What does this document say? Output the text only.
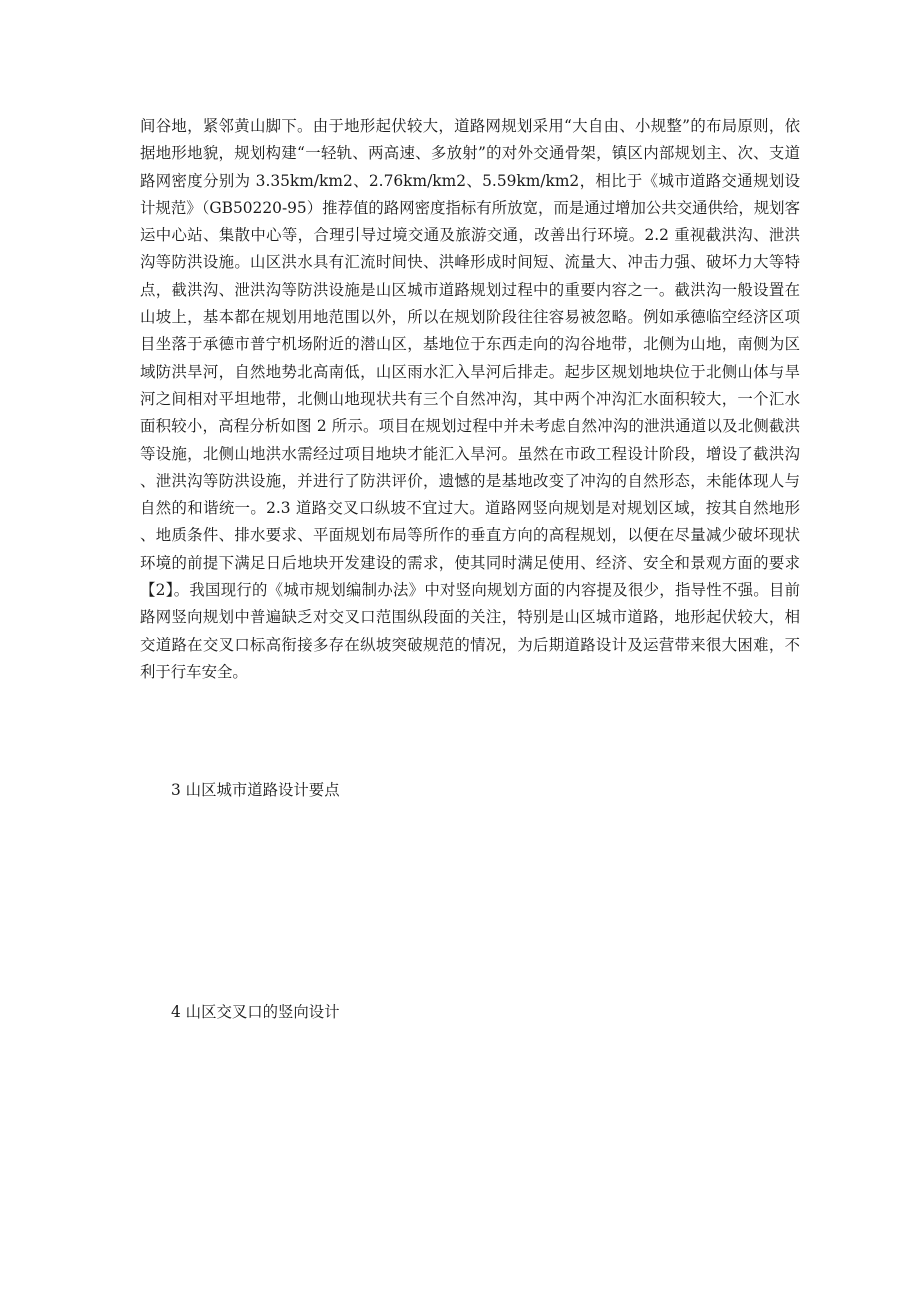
间谷地，紧邻黄山脚下。由于地形起伏较大，道路网规划采用“大自由、小规整”的布局原则，依据地形地貌，规划构建“一轻轨、两高速、多放射”的对外交通骨架，镇区内部规划主、次、支道路网密度分别为 3.35km/km2、2.76km/km2、5.59km/km2，相比于《城市道路交通规划设计规范》（GB50220-95）推荐值的路网密度指标有所放宽，而是通过增加公共交通供给，规划客运中心站、集散中心等，合理引导过境交通及旅游交通，改善出行环境。2.2 重视截洪沟、泄洪沟等防洪设施。山区洪水具有汇流时间快、洪峰形成时间短、流量大、冲击力强、破坏力大等特点，截洪沟、泄洪沟等防洪设施是山区城市道路规划过程中的重要内容之一。截洪沟一般设置在山坡上，基本都在规划用地范围以外，所以在规划阶段往往容易被忽略。例如承德临空经济区项目坐落于承德市普宁机场附近的潜山区，基地位于东西走向的沟谷地带，北侧为山地，南侧为区域防洪旱河，自然地势北高南低，山区雨水汇入旱河后排走。起步区规划地块位于北侧山体与旱河之间相对平坦地带，北侧山地现状共有三个自然冲沟，其中两个冲沟汇水面积较大，一个汇水面积较小，高程分析如图 2 所示。项目在规划过程中并未考虑自然冲沟的泄洪通道以及北侧截洪等设施，北侧山地洪水需经过项目地块才能汇入旱河。虽然在市政工程设计阶段，增设了截洪沟、泄洪沟等防洪设施，并进行了防洪评价，遗憾的是基地改变了冲沟的自然形态，未能体现人与自然的和谐统一。2.3 道路交叉口纵坡不宜过大。道路网竖向规划是对规划区域，按其自然地形、地质条件、排水要求、平面规划布局等所作的垂直方向的高程规划，以便在尽量减少破坏现状环境的前提下满足日后地块开发建设的需求，使其同时满足使用、经济、安全和景观方面的要求【2】。我国现行的《城市规划编制办法》中对竖向规划方面的内容提及很少，指导性不强。目前路网竖向规划中普遍缺乏对交叉口范围纵段面的关注，特别是山区城市道路，地形起伏较大，相交道路在交叉口标高衔接多存在纵坡突破规范的情况，为后期道路设计及运营带来很大困难，不利于行车安全。

3 山区城市道路设计要点
4 山区交叉口的竖向设计
